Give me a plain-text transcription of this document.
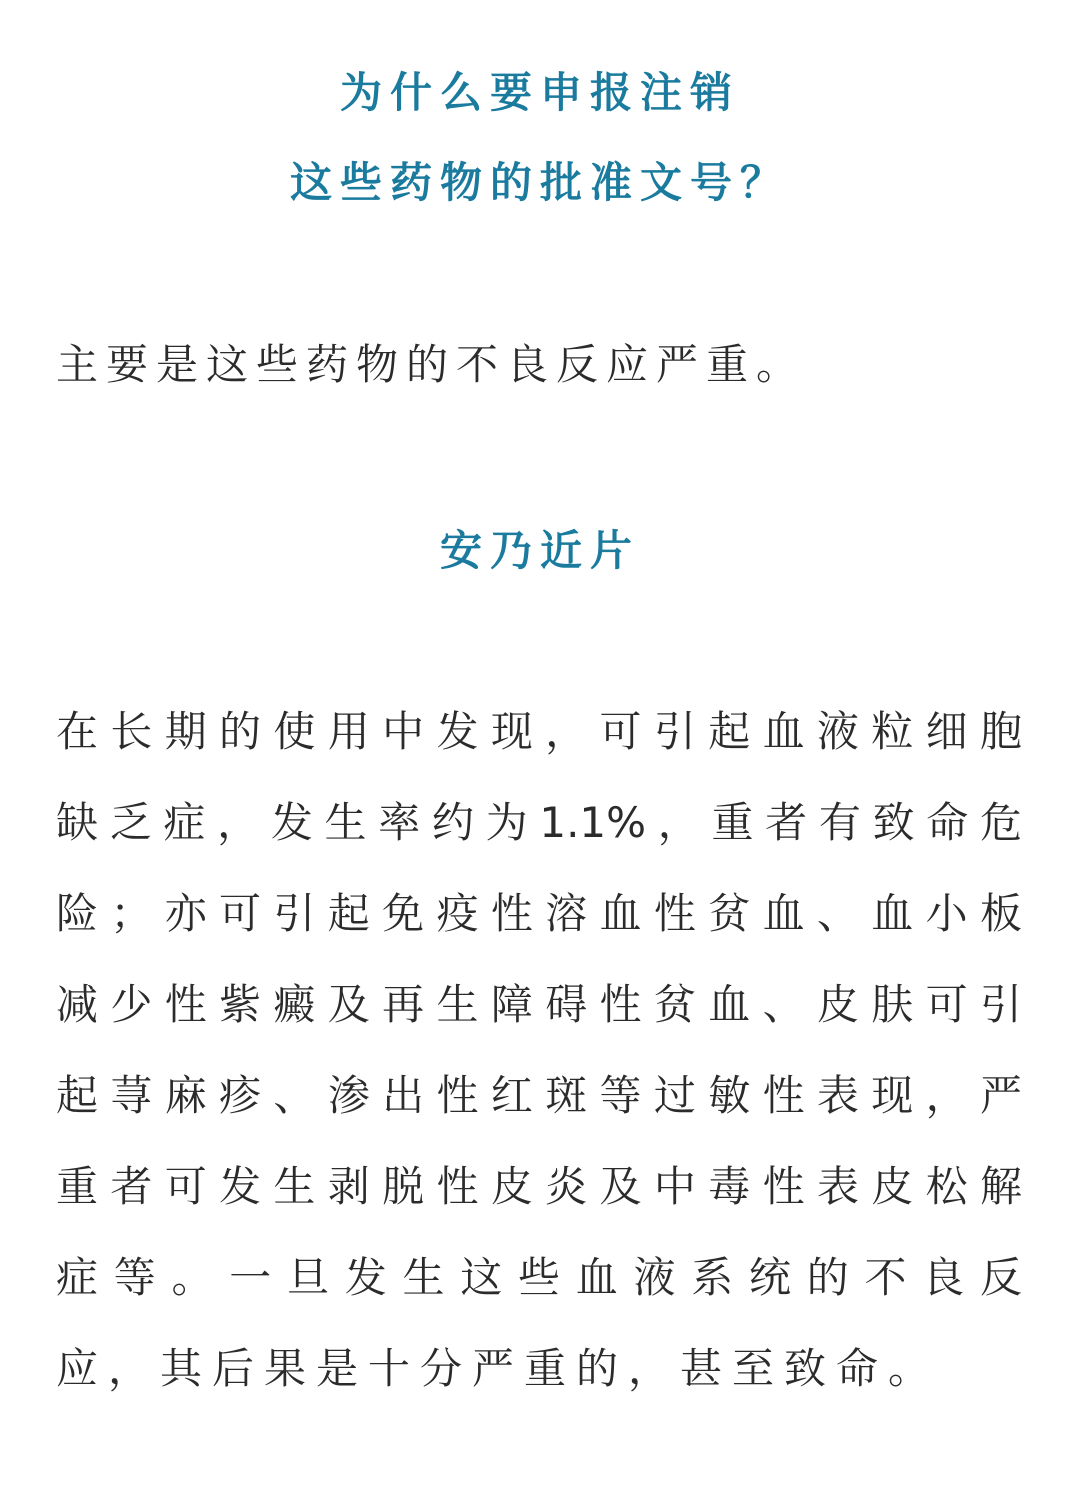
为什么要申报注销
这些药物的批准文号？
主要是这些药物的不良反应严重。
安乃近片
在长期的使用中发现，可引起血液粒细胞
缺乏症，发生率约为1.1%，重者有致命危
险；亦可引起免疫性溶血性贫血、血小板
减少性紫癜及再生障碍性贫血、皮肤可引
起荨麻疹、渗出性红斑等过敏性表现，严
重者可发生剥脱性皮炎及中毒性表皮松解
症等。一旦发生这些血液系统的不良反
应，其后果是十分严重的，甚至致命。
